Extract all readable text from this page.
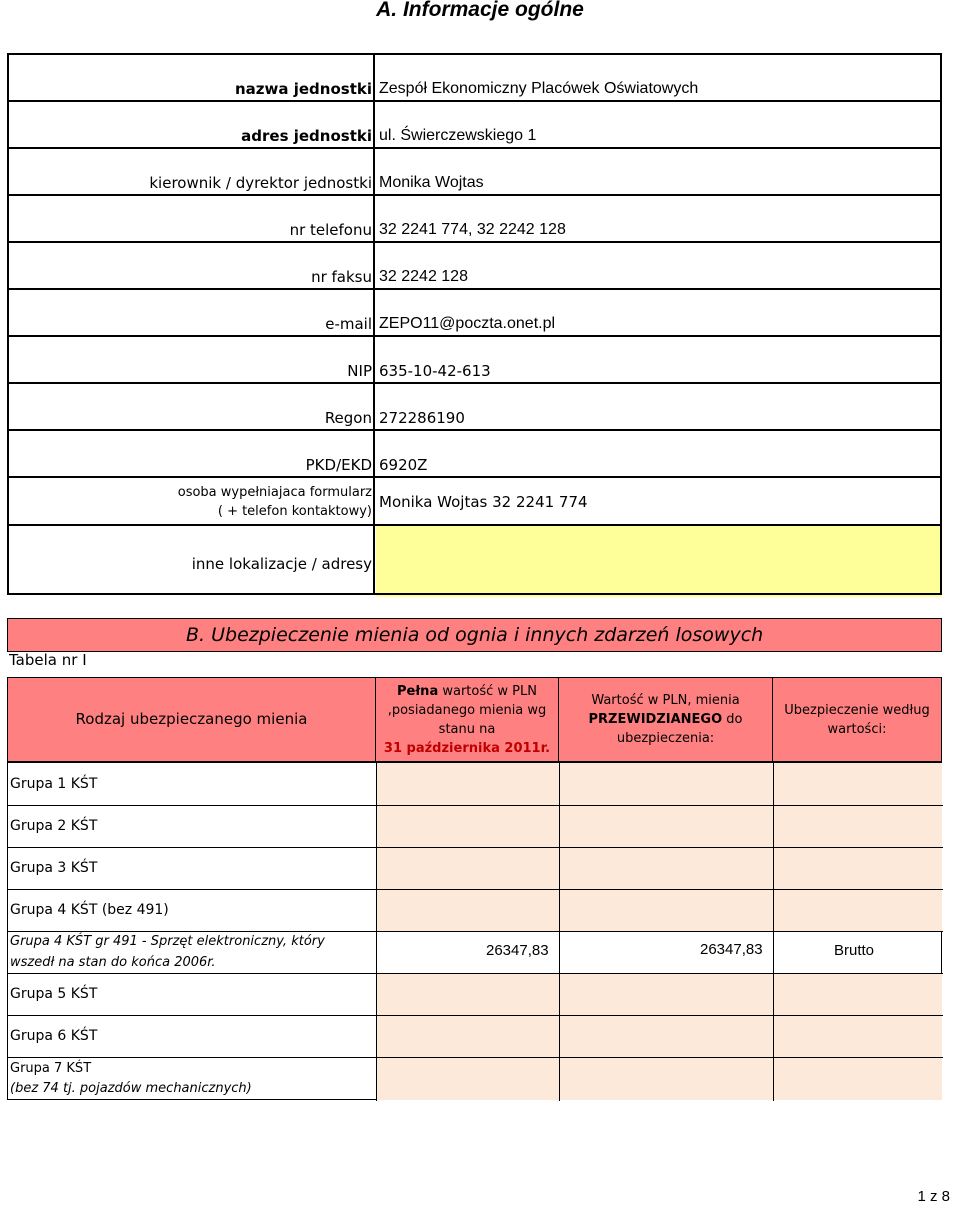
A. Informacje ogólne
nazwa jednostki Zespół Ekonomiczny Placówek Oświatowych
adres jednostki ul. Świerczewskiego 1
kierownik / dyrektor jednostki Monika Wojtas
nr telefonu 32 2241 774, 32 2242 128
nr faksu 32 2242 128
e-mail ZEPO11@poczta.onet.pl
NIP 635-10-42-613
Regon 272286190
PKD/EKD 6920Z
osoba wypełniajaca formularz
( + telefon kontaktowy)
Monika Wojtas 32 2241 774
inne lokalizacje / adresy
B. Ubezpieczenie mienia od ognia i innych zdarzeń losowych
Tabela nr I
Rodzaj ubezpieczanego mienia
Pełna wartość w PLN ,posiadanego mienia wg stanu na
31 października 2011r.
Wartość w PLN, mienia
PRZEWIDZIANEGO do ubezpieczenia:
Ubezpieczenie według wartości:
Grupa 1 KŚT
Grupa 2 KŚT
Grupa 3 KŚT
Grupa 4 KŚT (bez 491)
Grupa 4 KŚT gr 491 - Sprzęt elektroniczny, który wszedł na stan do końca 2006r.
Grupa 5 KŚT
Grupa 6 KŚT
Grupa 7 KŚT
(bez 74 tj. pojazdów mechanicznych)
26347,83	26347,83	Brutto
1 z 8
